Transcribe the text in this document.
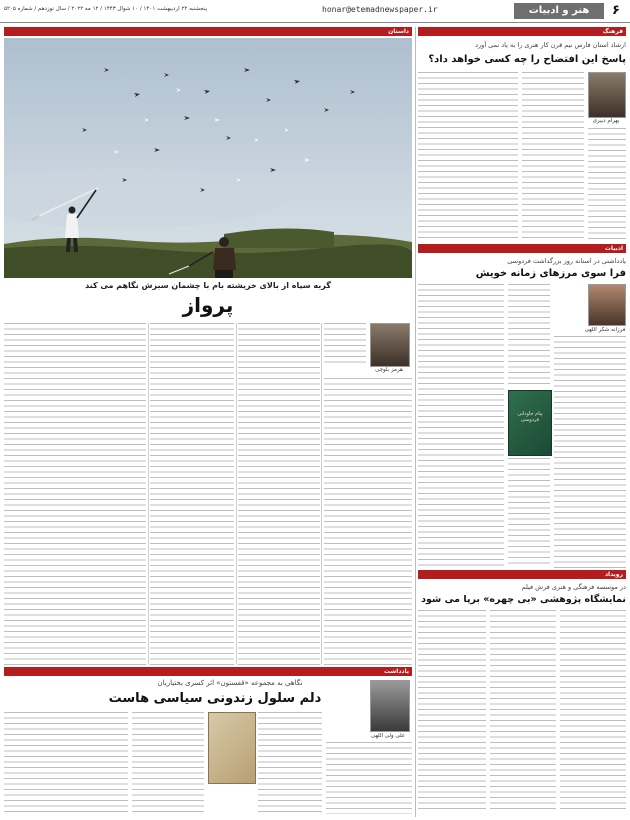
۶
هنر و ادبیات
honar@etemadnewspaper.ir
پنجشنبه ۲۲ اردیبهشت ۱۴۰۱ / ۱۰ شوال ۱۴۴۳ / ۱۲ مه ۲۰۲۲ / سال نوزدهم / شماره ۵۲۰۵
داستان
گربه سیاه از بالای خریشته بام با چشمان سبزش نگاهم می کند
پرواز
هرمز بلوچی
فرهنگ
ارشاد استان فارس نیم قرن کار هنری را به یاد نمی آورد
پاسخ این افتضاح را چه کسی خواهد داد؟
بهرام دبیری
ادبیات
یادداشتی در استانه روز بزرگداشت فردوسی
فرا سوی مرزهای زمانه خویش
فرزانه شکر اللهی
پیام جاودانی فردوسی
رویداد
در موسسه فرهنگی و هنری فرش فیلم
نمایشگاه پژوهشی «بی چهره» برپا می شود
یادداشت
نگاهی به مجموعه «قفستون» اثر کسری بختیاریان
دلم سلول زندونی سیاسی هاست
علی ولی اللهی
